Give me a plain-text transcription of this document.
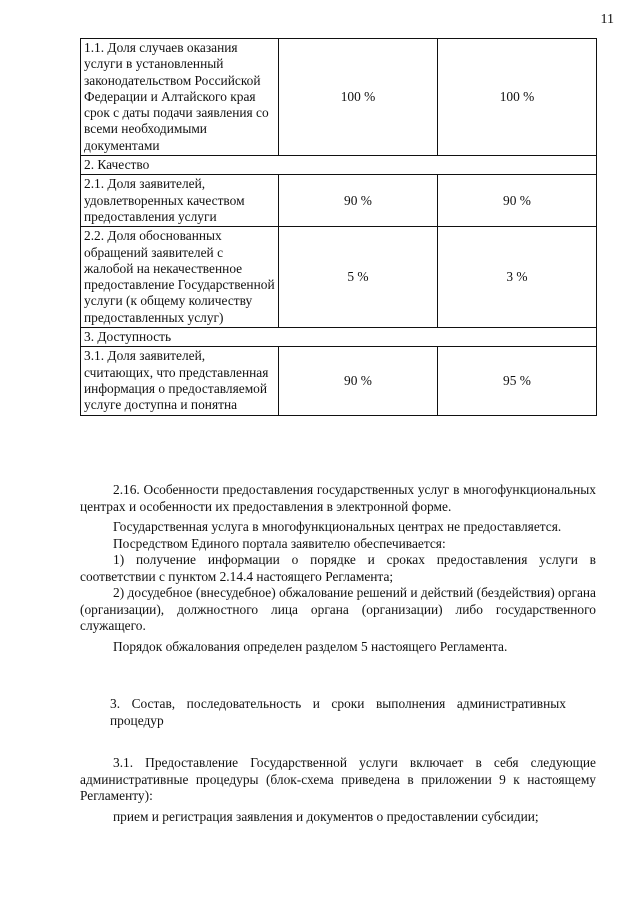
11
1.1. Доля случаев оказания услуги в установленный законодательством Российской Федерации и Алтайского края срок с даты подачи заявления со всеми необходимыми документами	100 %	100 %
2. Качество		
2.1. Доля заявителей, удовлетворенных качеством предоставления услуги	90 %	90 %
2.2. Доля обоснованных обращений заявителей с жалобой на некачественное предоставление Государственной услуги (к общему количеству предоставленных услуг)	5 %	3 %
3. Доступность		
3.1. Доля заявителей, считающих, что представленная информация о предоставляемой услуге доступна и понятна	90 %	95 %

2.16. Особенности предоставления государственных услуг в многофункциональных центрах и особенности их предоставления в электронной форме.

Государственная услуга в многофункциональных центрах не предоставляется.

Посредством Единого портала заявителю обеспечивается:

1) получение информации о порядке и сроках предоставления услуги в соответствии с пунктом 2.14.4 настоящего Регламента;

2) досудебное (внесудебное) обжалование решений и действий (бездействия) органа (организации), должностного лица органа (организации) либо государственного служащего.

Порядок обжалования определен разделом 5 настоящего Регламента.

3. Состав, последовательность и сроки выполнения административных процедур

3.1. Предоставление Государственной услуги включает в себя следующие административные процедуры (блок-схема приведена в приложении 9 к настоящему Регламенту):

прием и регистрация заявления и документов о предоставлении субсидии;
